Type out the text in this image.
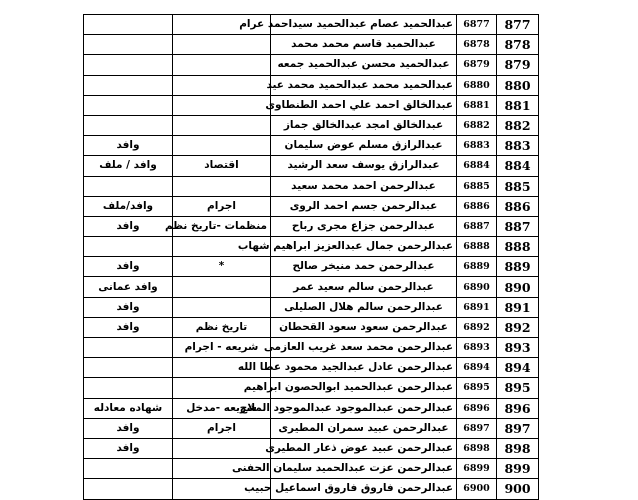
		عبدالحميد عصام عبدالحميد سيداحمد عرام	6877	877
		عبدالحميد قاسم محمد محمد	6878	878
		عبدالحميد محسن عبدالحميد جمعه	6879	879
		عبدالحميد محمد عبدالحميد محمد عيد	6880	880
		عبدالخالق احمد علي احمد الطنطاوى	6881	881
		عبدالخالق امجد عبدالخالق جماز	6882	882
وافد		عبدالرازق مسلم عوض سليمان	6883	883
وافد / ملف	اقتصاد	عبدالرازق يوسف سعد الرشيد	6884	884
		عبدالرحمن احمد محمد سعيد	6885	885
وافد/ملف	اجرام	عبدالرحمن جسم احمد الروى	6886	886
وافد	منظمات -تاريخ نظم	عبدالرحمن جزاع مجرى رباح	6887	887
		عبدالرحمن جمال عبدالعزيز ابراهيم شهاب	6888	888
وافد	*	عبدالرحمن حمد منيخر صالح	6889	889
وافد عمانى		عبدالرحمن سالم سعيد عمر	6890	890
وافد		عبدالرحمن سالم هلال الصليلى	6891	891
وافد	تاريخ نظم	عبدالرحمن سعود سعود القحطان	6892	892
	شريعه - اجرام	عبدالرحمن محمد سعد غريب العازمى	6893	893
		عبدالرحمن عادل عبدالجيد محمود عطا الله	6894	894
		عبدالرحمن عبدالحميد ابوالحصون ابراهيم	6895	895
شهاده معادله	شريعه -مدخل	عبدالرحمن عبدالموجود عبدالموجود الملاح	6896	896
وافد	اجرام	عبدالرحمن عبيد سمران المطيرى	6897	897
وافد		عبدالرحمن عبيد عوض ذعار المطيرى	6898	898
		عبدالرحمن عزت عبدالحميد سليمان الحفنى	6899	899
		عبدالرحمن فاروق فاروق اسماعيل حبيب	6900	900
